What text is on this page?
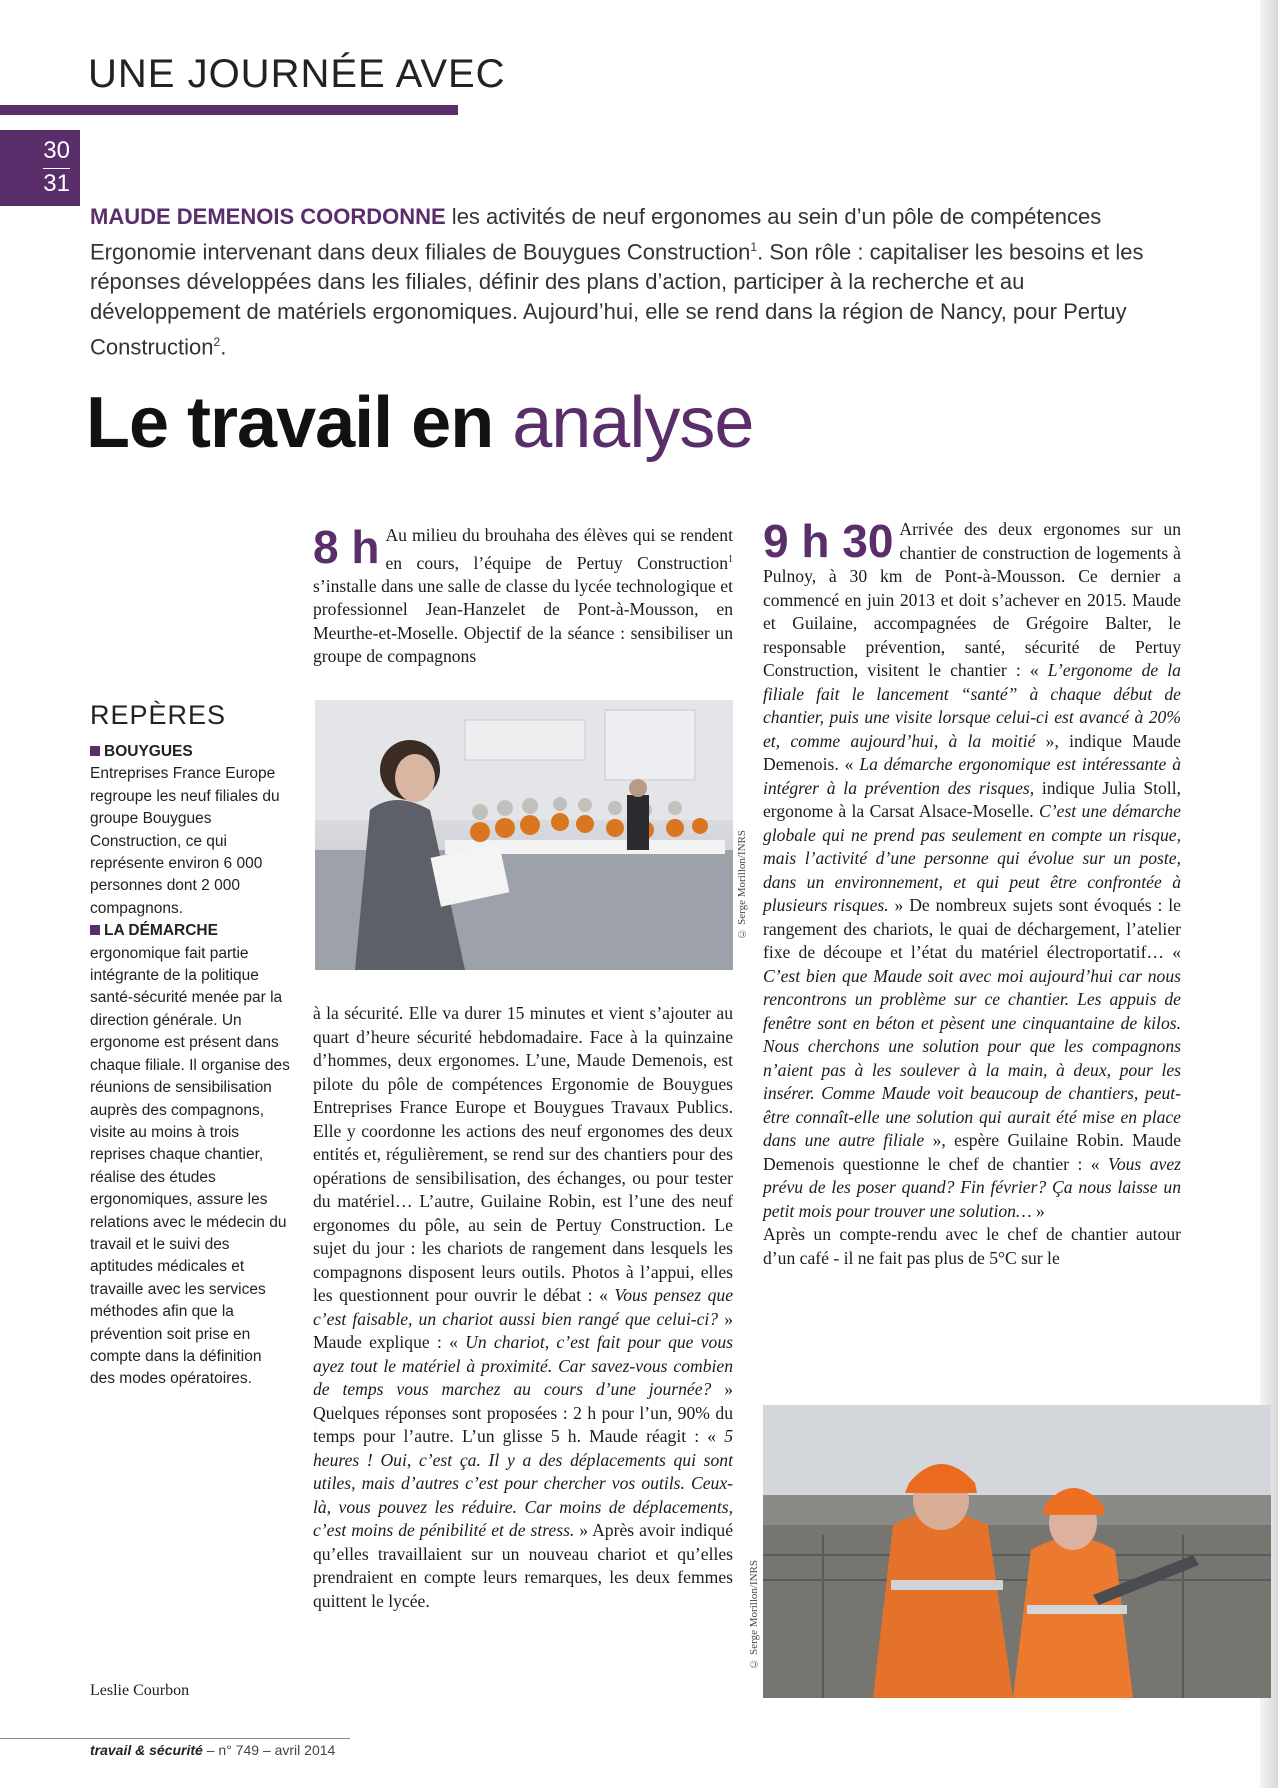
UNE JOURNÉE AVEC
30
31
MAUDE DEMENOIS COORDONNE les activités de neuf ergonomes au sein d’un pôle de compétences Ergonomie intervenant dans deux filiales de Bouygues Construction$^1$. Son rôle : capitaliser les besoins et les réponses développées dans les filiales, définir des plans d’action, participer à la recherche et au développement de matériels ergonomiques. Aujourd’hui, elle se rend dans la région de Nancy, pour Pertuy Construction$^2$.
Le travail en analyse
REPÈRES
BOUYGUES
Entreprises France Europe regroupe les neuf filiales du groupe Bouygues Construction, ce qui représente environ 6 000 personnes dont 2 000 compagnons.
LA DÉMARCHE
ergonomique fait partie intégrante de la politique santé-sécurité menée par la direction générale. Un ergonome est présent dans chaque filiale. Il organise des réunions de sensibilisation auprès des compagnons, visite au moins à trois reprises chaque chantier, réalise des études ergonomiques, assure les relations avec le médecin du travail et le suivi des aptitudes médicales et travaille avec les services méthodes afin que la prévention soit prise en compte dans la définition des modes opératoires.
Leslie Courbon
8 h Au milieu du brouhaha des élèves qui se rendent en cours, l’équipe de Pertuy Construction$^1$ s’installe dans une salle de classe du lycée technologique et professionnel Jean-Hanzelet de Pont-à-Mousson, en Meurthe-et-Moselle. Objectif de la séance : sensibiliser un groupe de compagnons
© Serge Morillon/INRS
à la sécurité. Elle va durer 15 minutes et vient s’ajouter au quart d’heure sécurité hebdomadaire. Face à la quinzaine d’hommes, deux ergonomes. L’une, Maude Demenois, est pilote du pôle de compétences Ergonomie de Bouygues Entreprises France Europe et Bouygues Travaux Publics. Elle y coordonne les actions des neuf ergonomes des deux entités et, régulièrement, se rend sur des chantiers pour des opérations de sensibilisation, des échanges, ou pour tester du matériel… L’autre, Guilaine Robin, est l’une des neuf ergonomes du pôle, au sein de Pertuy Construction. Le sujet du jour : les chariots de rangement dans lesquels les compagnons disposent leurs outils. Photos à l’appui, elles les questionnent pour ouvrir le débat : « Vous pensez que c’est faisable, un chariot aussi bien rangé que celui-ci? » Maude explique : « Un chariot, c’est fait pour que vous ayez tout le matériel à proximité. Car savez-vous combien de temps vous marchez au cours d’une journée? » Quelques réponses sont proposées : 2 h pour l’un, 90% du temps pour l’autre. L’un glisse 5 h. Maude réagit : « 5 heures ! Oui, c’est ça. Il y a des déplacements qui sont utiles, mais d’autres c’est pour chercher vos outils. Ceux-là, vous pouvez les réduire. Car moins de déplacements, c’est moins de pénibilité et de stress. » Après avoir indiqué qu’elles travaillaient sur un nouveau chariot et qu’elles prendraient en compte leurs remarques, les deux femmes quittent le lycée.
9 h 30 Arrivée des deux ergonomes sur un chantier de construction de logements à Pulnoy, à 30 km de Pont-à-Mousson. Ce dernier a commencé en juin 2013 et doit s’achever en 2015. Maude et Guilaine, accompagnées de Grégoire Balter, le responsable prévention, santé, sécurité de Pertuy Construction, visitent le chantier : « L’ergonome de la filiale fait le lancement “santé” à chaque début de chantier, puis une visite lorsque celui-ci est avancé à 20% et, comme aujourd’hui, à la moitié », indique Maude Demenois. « La démarche ergonomique est intéressante à intégrer à la prévention des risques, indique Julia Stoll, ergonome à la Carsat Alsace-Moselle. C’est une démarche globale qui ne prend pas seulement en compte un risque, mais l’activité d’une personne qui évolue sur un poste, dans un environnement, et qui peut être confrontée à plusieurs risques. » De nombreux sujets sont évoqués : le rangement des chariots, le quai de déchargement, l’atelier fixe de découpe et l’état du matériel électroportatif… « C’est bien que Maude soit avec moi aujourd’hui car nous rencontrons un problème sur ce chantier. Les appuis de fenêtre sont en béton et pèsent une cinquantaine de kilos. Nous cherchons une solution pour que les compagnons n’aient pas à les soulever à la main, à deux, pour les insérer. Comme Maude voit beaucoup de chantiers, peut-être connaît-elle une solution qui aurait été mise en place dans une autre filiale », espère Guilaine Robin. Maude Demenois questionne le chef de chantier : « Vous avez prévu de les poser quand? Fin février? Ça nous laisse un petit mois pour trouver une solution… »
Après un compte-rendu avec le chef de chantier autour d’un café - il ne fait pas plus de 5°C sur le
© Serge Morillon/INRS
travail & sécurité – n° 749 – avril 2014
